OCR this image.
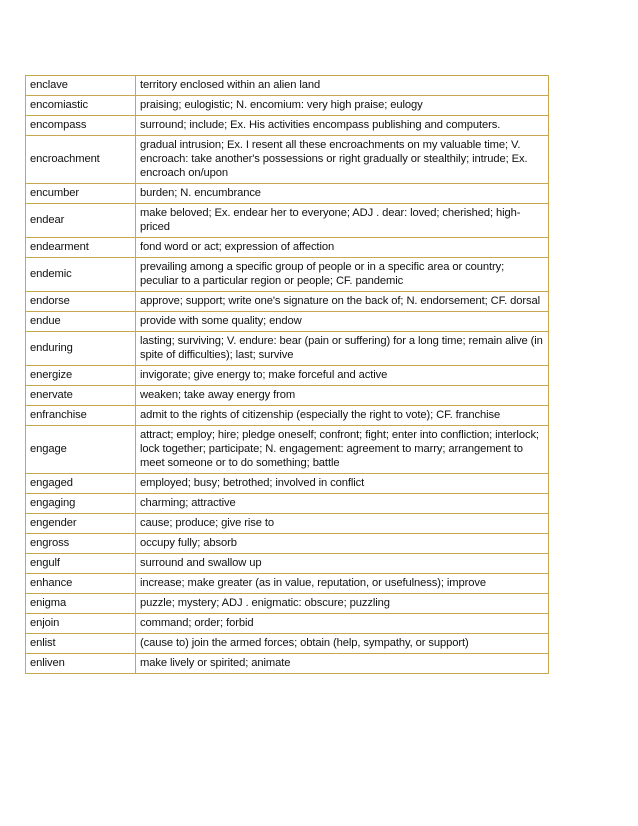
enclave	territory enclosed within an alien land
encomiastic	praising; eulogistic; N. encomium: very high praise; eulogy
encompass	surround; include; Ex. His activities encompass publishing and computers.
encroachment	gradual intrusion; Ex. I resent all these encroachments on my valuable time; V. encroach: take another's possessions or right gradually or stealthily; intrude; Ex. encroach on/upon
encumber	burden; N. encumbrance
endear	make beloved; Ex. endear her to everyone; ADJ . dear: loved; cherished; high-priced
endearment	fond word or act; expression of affection
endemic	prevailing among a specific group of people or in a specific area or country; peculiar to a particular region or people; CF. pandemic
endorse	approve; support; write one's signature on the back of; N. endorsement; CF. dorsal
endue	provide with some quality; endow
enduring	lasting; surviving; V. endure: bear (pain or suffering) for a long time; remain alive (in spite of difficulties); last; survive
energize	invigorate; give energy to; make forceful and active
enervate	weaken; take away energy from
enfranchise	admit to the rights of citizenship (especially the right to vote); CF. franchise
engage	attract; employ; hire; pledge oneself; confront; fight; enter into confliction; interlock; lock together; participate; N. engagement: agreement to marry; arrangement to meet someone or to do something; battle
engaged	employed; busy; betrothed; involved in conflict
engaging	charming; attractive
engender	cause; produce; give rise to
engross	occupy fully; absorb
engulf	surround and swallow up
enhance	increase; make greater (as in value, reputation, or usefulness); improve
enigma	puzzle; mystery; ADJ . enigmatic: obscure; puzzling
enjoin	command; order; forbid
enlist	(cause to) join the armed forces; obtain (help, sympathy, or support)
enliven	make lively or spirited; animate
